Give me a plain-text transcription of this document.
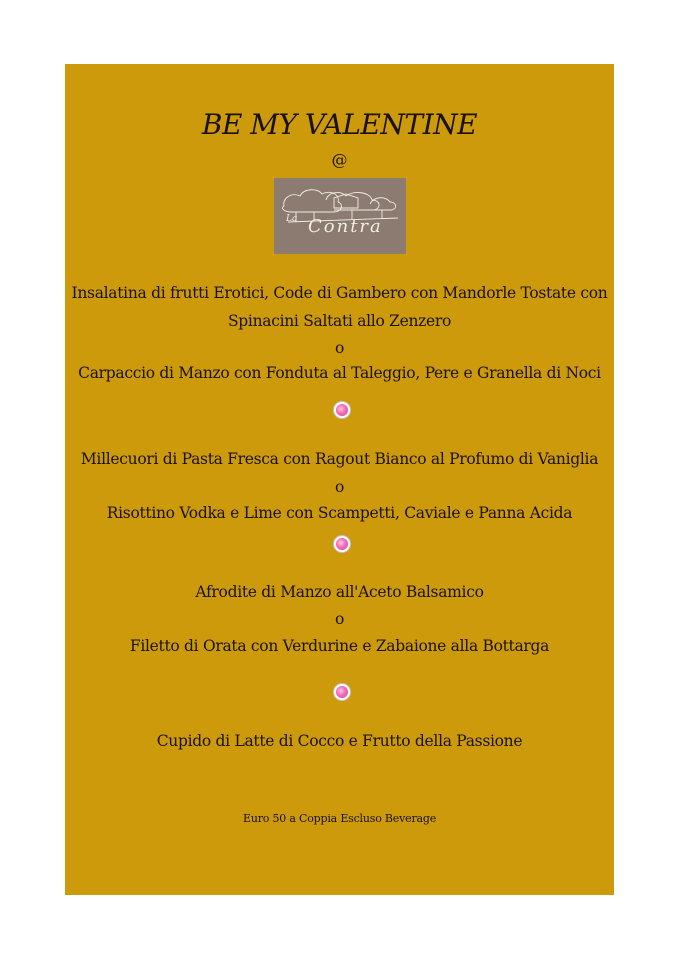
BE MY VALENTINE
@
La Contra
Insalatina di frutti Erotici, Code di Gambero con Mandorle Tostate con
Spinacini Saltati allo Zenzero
o
Carpaccio di Manzo con Fonduta al Taleggio, Pere e Granella di Noci
Millecuori di Pasta Fresca con Ragout Bianco al Profumo di Vaniglia
o
Risottino Vodka e Lime con Scampetti, Caviale e Panna Acida
Afrodite di Manzo all'Aceto Balsamico
o
Filetto di Orata con Verdurine e Zabaione alla Bottarga
Cupido di Latte di Cocco e Frutto della Passione
Euro 50 a Coppia Escluso Beverage
